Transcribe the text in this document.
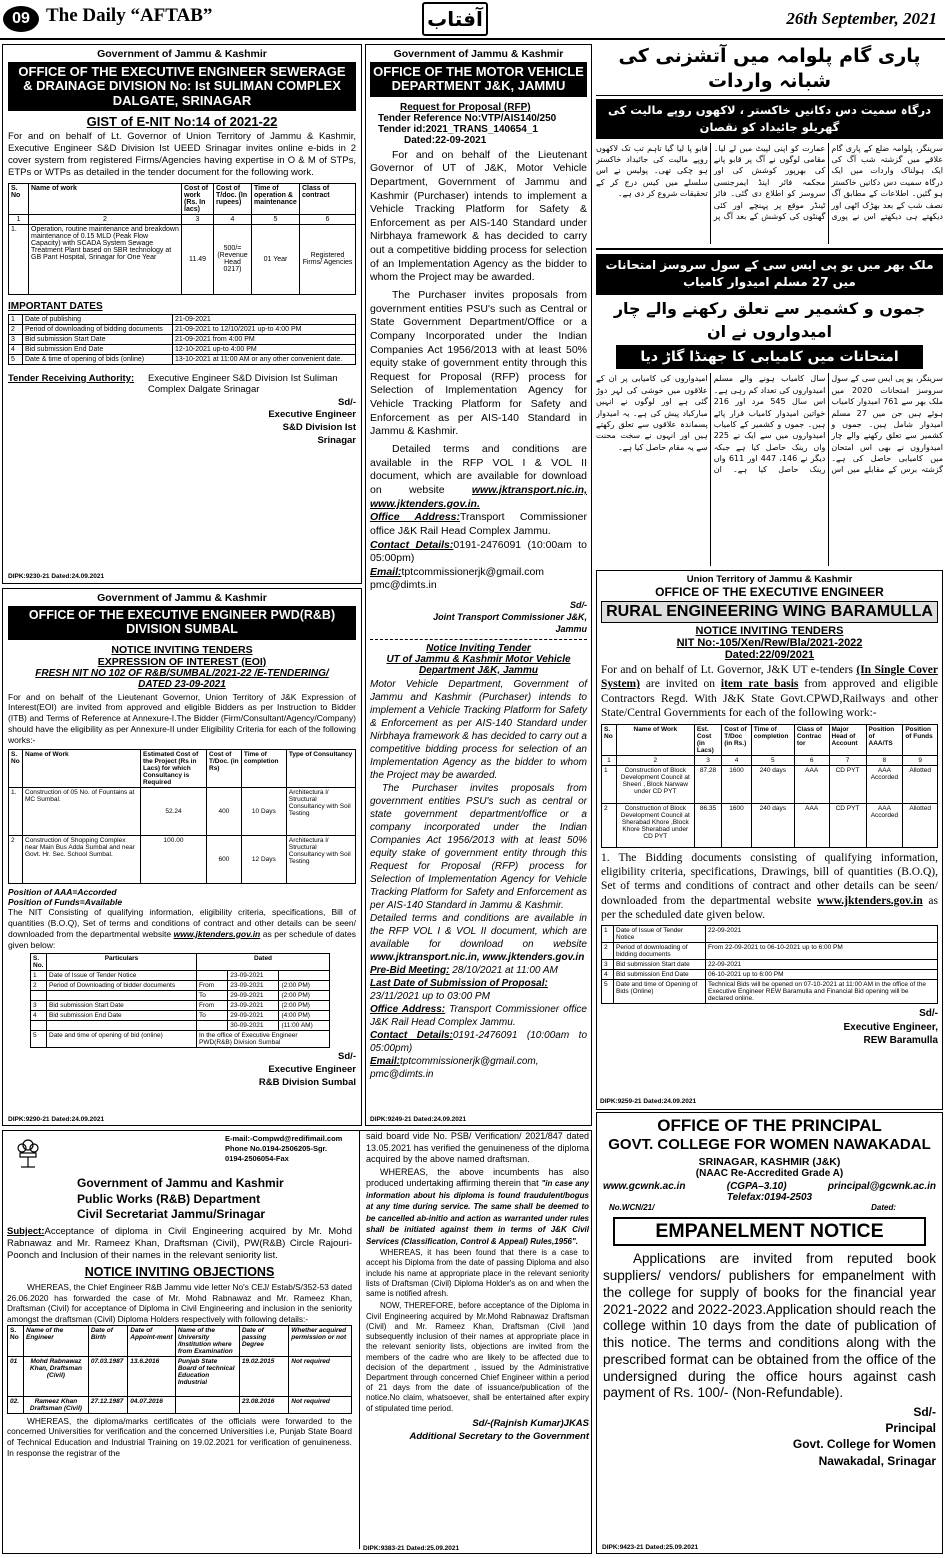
09 The Daily “AFTAB”	آفتاب	26th September, 2021
Government of Jammu & Kashmir
OFFICE OF THE EXECUTIVE ENGINEER SEWERAGE & DRAINAGE DIVISION No: Ist SULIMAN COMPLEX DALGATE, SRINAGAR
GIST of E-NIT No:14 of 2021-22
For and on behalf of Lt. Governor of Union Territory of Jammu & Kashmir, Executive Engineer S&D Division Ist UEED Srinagar invites online e-bids in 2 cover system from registered Firms/Agencies having expertise in O & M of STPs, ETPs or WTPs as detailed in the tender document for the following work.
S. No	Name of work	Cost of work (Rs. In lacs)	Cost of T/doc. (In rupees)	Time of operation & maintenance	Class of contract
1	2	3	4	5	6
1.	Operation, routine maintenance and breakdown maintenance of 0.15 MLD (Peak Flow Capacity) with SCADA System Sewage Treatment Plant based on SBR technology at GB Pant Hospital, Srinagar for One Year	11.49	500/= (Revenue Head 0217)	01 Year	Registered Firms/ Agencies
IMPORTANT DATES
1	Date of publishing	21-09-2021
2	Period of downloading of bidding documents	21-09-2021 to 12/10/2021 up-to 4:00 PM
3	Bid submission Start Date	21-09-2021 from 4:00 PM
4	Bid submission End Date	12-10-2021 up-to 4:00 PM
5	Date & time of opening of bids (online)	13-10-2021 at 11:00 AM or any other convenient date.
Tender Receiving Authority:	Executive Engineer S&D Division Ist Suliman Complex Dalgate Srinagar
Sd/-
Executive Engineer
S&D Division Ist
Srinagar
DIPK:9230-21 Dated:24.09.2021
Government of Jammu & Kashmir
OFFICE OF THE EXECUTIVE ENGINEER PWD(R&B) DIVISION SUMBAL
NOTICE INVITING TENDERS
EXPRESSION OF INTEREST (EOI)
FRESH NIT NO 102 OF R&B/SUMBAL/2021-22 /E-TENDERING/
DATED 23-09-2021
For and on behalf of the Lieutenant Governor, Union Territory of J&K Expression of Interest(EOI) are invited from approved and eligible Bidders as per Instruction to Bidder (ITB) and Terms of Reference at Annexure-I.The Bidder (Firm/Consultant/Agency/Company) should have the eligibility as per Annexure-II under Eligibility Criteria for each of the following works:-
S. No	Name of Work	Estimated Cost of the Project (Rs in Lacs) for which Consultancy is Required	Cost of T/Doc. (in Rs)	Time of completion	Type of Consultancy
1.	Construction of 05 No. of Fountains at MC Sumbal.	52.24	400	10 Days	Architectura l/ Structural Consultancy with Soil Testing
2	Construction of Shopping Complex near Main Bus Adda Sumbal and near Govt. Hr. Sec. School Sumbal.	100.00	600	12 Days	Architectura l/ Structural Consultancy with Soil Testing
Position of AAA=Accorded
Position of Funds=Available
The NIT Consisting of qualifying information, eligibility criteria, specifications, Bill of quantities (B.O.Q), Set of terms and conditions of contract and other details can be seen/ downloaded from the departmental website www.jktenders.gov.in as per schedule of dates given below:
S. No.	Particulars	Dated		
1	Date of Issue of Tender Notice		23-09-2021	
2	Period of Downloading of bidder documents	From	23-09-2021	(2:00 PM)
		To	29-09-2021	(2:00 PM)
3	Bid submission Start Date	From	23-09-2021	(2:00 PM)
4	Bid submission End Date	To	29-09-2021	(4:00 PM)
			30-09-2021	(11:00 AM)
5	Date and time of opening of bid (online)	In the office of Executive Engineer PWD(R&B) Division Sumbal		
Sd/-
Executive Engineer
R&B Division Sumbal
DIPK:9290-21 Dated:24.09.2021
Government of Jammu & Kashmir
OFFICE OF THE MOTOR VEHICLE DEPARTMENT J&K, JAMMU
Request for Proposal (RFP)
Tender Reference No:VTP/AIS140/250
Tender id:2021_TRANS_140654_1
Dated:22-09-2021
For and on behalf of the Lieutenant Governor of UT of J&K, Motor Vehicle Department, Government of Jammu and Kashmir (Purchaser) intends to implement a Vehicle Tracking Platform for Safety & Enforcement as per AIS-140 Standard under Nirbhaya framework & has decided to carry out a competitive bidding process for selection of an Implementation Agency as the bidder to whom the Project may be awarded.
The Purchaser invites proposals from government entities PSU's such as Central or State Government Department/Office or a Company Incorporated under the Indian Companies Act 1956/2013 with at least 50% equity stake of government entity through this Request for Proposal (RFP) process for Selection of Implementation Agency for Vehicle Tracking Platform for Safety and Enforcement as per AIS-140 Standard in Jammu & Kashmir.
Detailed terms and conditions are available in the RFP VOL I & VOL II document, which are available for download on website	www.jktransport.nic.in, www.jktenders.gov.in.
Office Address:Transport Commissioner office J&K Rail Head Complex Jammu.
Contact Details:0191-2476091 (10:00am to 05:00pm)
Email:tptcommissionerjk@gmail.com pmc@dimts.in
Sd/-
Joint Transport Commissioner J&K,
Jammu
Notice Inviting Tender
UT of Jammu & Kashmir Motor Vehicle Department J&K, Jammu
Motor Vehicle Department, Government of Jammu and Kashmir (Purchaser) intends to implement a Vehicle Tracking Platform for Safety & Enforcement as per AIS-140 Standard under Nirbhaya framework & has decided to carry out a competitive bidding process for selection of an Implementation Agency as the bidder to whom the Project may be awarded.
The Purchaser invites proposals from government entities PSU's such as central or state government department/office or a company incorporated under the Indian Companies Act 1956/2013 with at least 50% equity stake of government entity through this Request for Proposal (RFP) process for Selection of Implementation Agency for Vehicle Tracking Platform for Safety and Enforcement as per AIS-140 Standard in Jammu & Kashmir.
Detailed terms and conditions are available in the RFP VOL I & VOL II document, which are available for download on website www.jktransport.nic.in, www.jktenders.gov.in
Pre-Bid Meeting: 28/10/2021 at 11:00 AM
Last Date of Submission of Proposal:
23/11/2021 up to 03:00 PM
Office Address: Transport Commissioner office J&K Rail Head Complex Jammu.
Contact Details:0191-2476091 (10:00am to 05:00pm)
Email:tptcommissionerjk@gmail.com, pmc@dimts.in
DIPK:9249-21 Dated:24.09.2021
پاری گام پلوامہ میں آتشزنی کی شبانہ واردات
درگاہ سمیت دس دکانیں خاکستر ، لاکھوں روپے مالیت کی گھریلو جائیداد کو نقصان
سرینگر، پلوامہ ضلع کے پاری گام علاقے میں گزشتہ شب آگ کی ایک ہولناک واردات میں ایک درگاہ سمیت دس دکانیں خاکستر ہو گئیں۔ اطلاعات کے مطابق آگ نصف شب کے بعد بھڑک اٹھی اور دیکھتے ہی دیکھتے اس نے پوری عمارت کو اپنی لپیٹ میں لے لیا۔ مقامی لوگوں نے آگ پر قابو پانے کی بھرپور کوشش کی اور محکمہ فائر اینڈ ایمرجنسی سروسز کو اطلاع دی گئی۔ فائر ٹینڈر موقع پر پہنچے اور کئی گھنٹوں کی کوشش کے بعد آگ پر قابو پا لیا گیا تاہم تب تک لاکھوں روپے مالیت کی جائیداد خاکستر ہو چکی تھی۔ پولیس نے اس سلسلے میں کیس درج کر کے تحقیقات شروع کر دی ہے۔
ملک بھر میں یو پی ایس سی کے سول سروسز امتحانات میں 27 مسلم امیدوار کامیاب
جموں و کشمیر سے تعلق رکھنے والے چار امیدواروں نے ان
امتحانات میں کامیابی کا جھنڈا گاڑ دیا
سرینگر، یو پی ایس سی کے سول سروسز امتحانات 2020 میں ملک بھر سے 761 امیدوار کامیاب ہوئے ہیں جن میں 27 مسلم امیدوار شامل ہیں۔ جموں و کشمیر سے تعلق رکھنے والے چار امیدواروں نے بھی اس امتحان میں کامیابی حاصل کی ہے۔ گزشتہ برس کے مقابلے میں اس سال کامیاب ہونے والے مسلم امیدواروں کی تعداد کم رہی ہے۔ اس سال 545 مرد اور 216 خواتین امیدوار کامیاب قرار پائے ہیں۔ جموں و کشمیر کے کامیاب امیدواروں میں سے ایک نے 225 واں رینک حاصل کیا ہے جبکہ دیگر نے 146، 447 اور 611 واں رینک حاصل کیا ہے۔ ان امیدواروں کی کامیابی پر ان کے علاقوں میں خوشی کی لہر دوڑ گئی ہے اور لوگوں نے انہیں مبارکباد پیش کی ہے۔ یہ امیدوار پسماندہ علاقوں سے تعلق رکھتے ہیں اور انہوں نے سخت محنت سے یہ مقام حاصل کیا ہے۔
Union Territory of Jammu & Kashmir
OFFICE OF THE EXECUTIVE ENGINEER
RURAL ENGINEERING WING BARAMULLA
NOTICE INVITING TENDERS
NIT No:-105/Xen/Rew/Bla/2021-2022
Dated:22/09/2021
For and on behalf of Lt. Governor, J&K UT e-tenders (In Single Cover System) are invited on item rate basis from approved and eligible Contractors Regd. With J&K State Govt.CPWD,Railways and other State/Central Governments for each of the following work:-
S. No	Name of Work	Est. Cost (in Lacs)	Cost of T/Doc (in Rs.)	Time of completion	Class of Contrac tor	Major Head of Account	Position of AAA/TS	Position of Funds
1	2	3	4	5	6	7	8	9
1	Construction of Block Development Council at Sheeri , Block Narwaw under CD PYT	87.28	1600	240 days	AAA	CD PYT	AAA Accorded	Allotted
2	Construction of Block Development Council at Sherabad Khore ,Block Khore Sherabad under CD PYT	86.35	1600	240 days	AAA	CD PYT	AAA Accorded	Allotted
1. The Bidding documents consisting of qualifying information, eligibility criteria, specifications, Drawings, bill of quantities (B.O.Q), Set of terms and conditions of contract and other details can be seen/ downloaded from the departmental website www.jktenders.gov.in as per the scheduled date given below.
1	Date of Issue of Tender Notice	22-09-2021
2	Period of downloading of bidding documents	From 22-09-2021 to 06-10-2021 up to 6:00 PM
3	Bid submission Start date	22-09-2021
4	Bid submission End Date	06-10-2021 up to 6:00 PM
5	Date and time of Opening of Bids (Online)	Technical Bids will be opened on 07-10-2021 at 11:00 AM in the office of the Executive Engineer REW Baramulla and Financial Bid opening will be declared online.
Sd/-
Executive Engineer,
REW Baramulla
DIPK:9259-21 Dated:24.09.2021
E-mail:-Compwd@redifimail.com
Phone No.0194-2506205-Sgr.
0194-2506054-Fax
Government of Jammu and Kashmir
Public Works (R&B) Department
Civil Secretariat Jammu/Srinagar
Subject:Acceptance of diploma in Civil Engineering acquired by Mr. Mohd Rabnawaz and Mr. Rameez Khan, Draftsman (Civil), PW(R&B) Circle Rajouri-Poonch and Inclusion of their names in the relevant seniority list.
NOTICE INVITING OBJECTIONS
WHEREAS, the Chief Engineer R&B Jammu vide letter No's CEJ/ Estab/S/352-53 dated 26.06.2020 has forwarded the case of Mr. Mohd Rabnawaz and Mr. Rameez Khan, Draftsman (Civil) for acceptance of Diploma in Civil Engineering and inclusion in the seniority amongst the draftsman (Civil) Diploma Holders respectively with following details:-
S. No	Name of the Engineer	Date of Birth	Date of Appoint-ment	Name of the University /Institution where from Examination	Date of passing Degree	Whether acquired permission or not
01	Mohd Rabnawaz Khan, Draftsman (Civil)	07.03.1987	13.6.2016	Punjab State Board of technical Education Industrial	19.02.2015	Not required
02.	Rameez Khan Draftsman (Civil)	27.12.1987	04.07.2016		23.08.2016	Not required
WHEREAS, the diploma/marks certificates of the officials were forwarded to the concerned Universities for verification and the concerned Universities i.e, Punjab State Board of Technical Education and Industrial Training on 19.02.2021 for verification of genuineness. In response the registrar of the
said board vide No. PSB/ Verification/ 2021/847 dated 13.05.2021 has verified the genuineness of the diploma acquired by the above named draftsman.
WHEREAS, the above incumbents has also produced undertaking affirming therein that "in case any information about his diploma is found fraudulent/bogus at any time during service. The same shall be deemed to be cancelled ab-initio and action as warranted under rules shall be initiated against them in terms of J&K Civil Services (Classification, Control & Appeal) Rules,1956".
WHEREAS, it has been found that there is a case to accept his Diploma from the date of passing Diploma and also include his name at appropriate place in the relevant seniority lists of Draftsman (Civil) Diploma Holder's as on and when the same is notified afresh.
NOW, THEREFORE, before acceptance of the Diploma in Civil Engineering acquired by Mr.Mohd Rabnawaz Draftsman (Civil) and Mr. Rameez Khan, Draftsman (Civil )and subsequently inclusion of their names at appropriate place in the relevant seniority lists, objections are invited from the members of the cadre who are likely to be affected due to decision of the department , issued by the Administrative Department through concerned Chief Engineer within a period of 21 days from the date of issuance/publication of the notice.No claim, whatsoever, shall be entertained after expiry of stipulated time period.
Sd/-(Rajnish Kumar)JKAS
Additional Secretary to the Government
DIPK:9383-21 Dated:25.09.2021
OFFICE OF THE PRINCIPAL
GOVT. COLLEGE FOR WOMEN NAWAKADAL
SRINAGAR, KASHMIR (J&K)
(NAAC Re-Accredited Grade A)
www.gcwnk.ac.in	(CGPA–3.10)	principal@gcwnk.ac.in
Telefax:0194-2503
No.WCN/21/	Dated:
EMPANELMENT NOTICE
Applications are invited from reputed book suppliers/ vendors/ publishers for empanelment with the college for supply of books for the financial year 2021-2022 and 2022-2023.Application should reach the college within 10 days from the date of publication of this notice. The terms and conditions along with the prescribed format can be obtained from the office of the undersigned during the office hours against cash payment of Rs. 100/- (Non-Refundable).
Sd/-
Principal
Govt. College for Women
Nawakadal, Srinagar
DIPK:9423-21 Dated:25.09.2021
